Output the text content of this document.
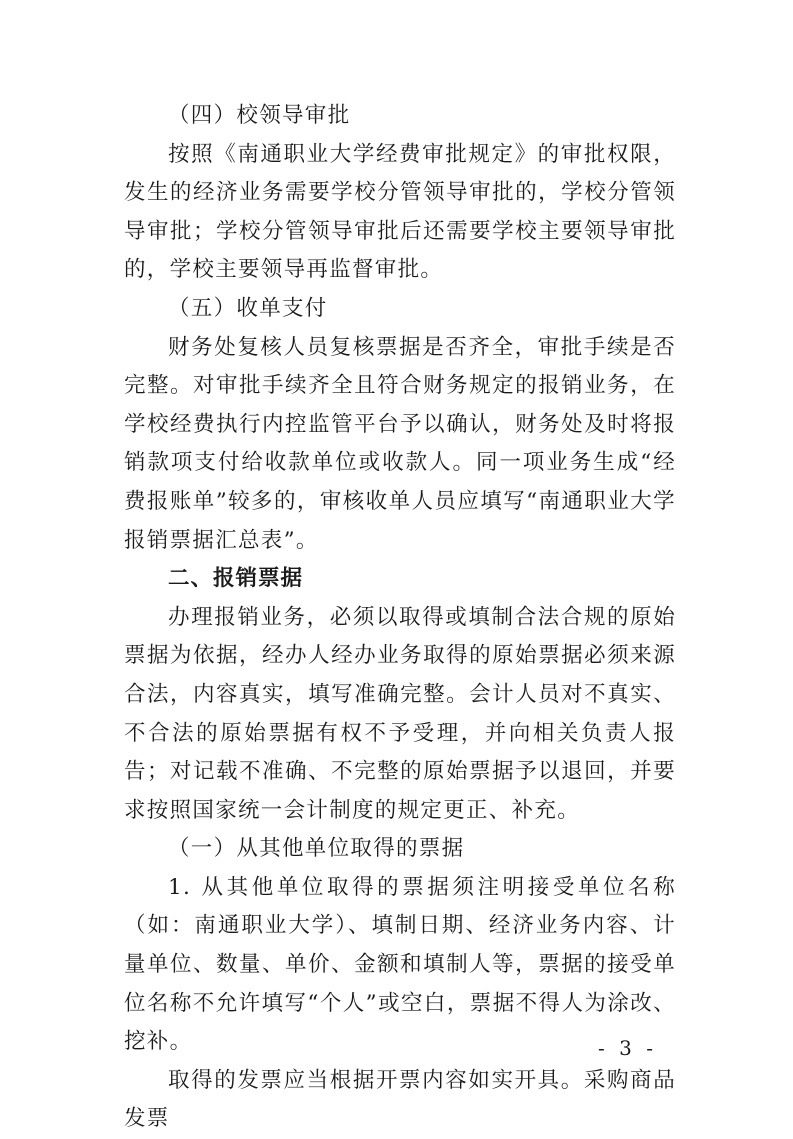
（四）校领导审批

按照《南通职业大学经费审批规定》的审批权限，发生的经济业务需要学校分管领导审批的，学校分管领导审批；学校分管领导审批后还需要学校主要领导审批的，学校主要领导再监督审批。

（五）收单支付

财务处复核人员复核票据是否齐全，审批手续是否完整。对审批手续齐全且符合财务规定的报销业务，在学校经费执行内控监管平台予以确认，财务处及时将报销款项支付给收款单位或收款人。同一项业务生成“经费报账单”较多的，审核收单人员应填写“南通职业大学报销票据汇总表”。

二、报销票据

办理报销业务，必须以取得或填制合法合规的原始票据为依据，经办人经办业务取得的原始票据必须来源合法，内容真实，填写准确完整。会计人员对不真实、不合法的原始票据有权不予受理，并向相关负责人报告；对记载不准确、不完整的原始票据予以退回，并要求按照国家统一会计制度的规定更正、补充。

（一）从其他单位取得的票据

1. 从其他单位取得的票据须注明接受单位名称（如：南通职业大学）、填制日期、经济业务内容、计量单位、数量、单价、金额和填制人等，票据的接受单位名称不允许填写“个人”或空白，票据不得人为涂改、挖补。

取得的发票应当根据开票内容如实开具。采购商品发票

- 3 -
